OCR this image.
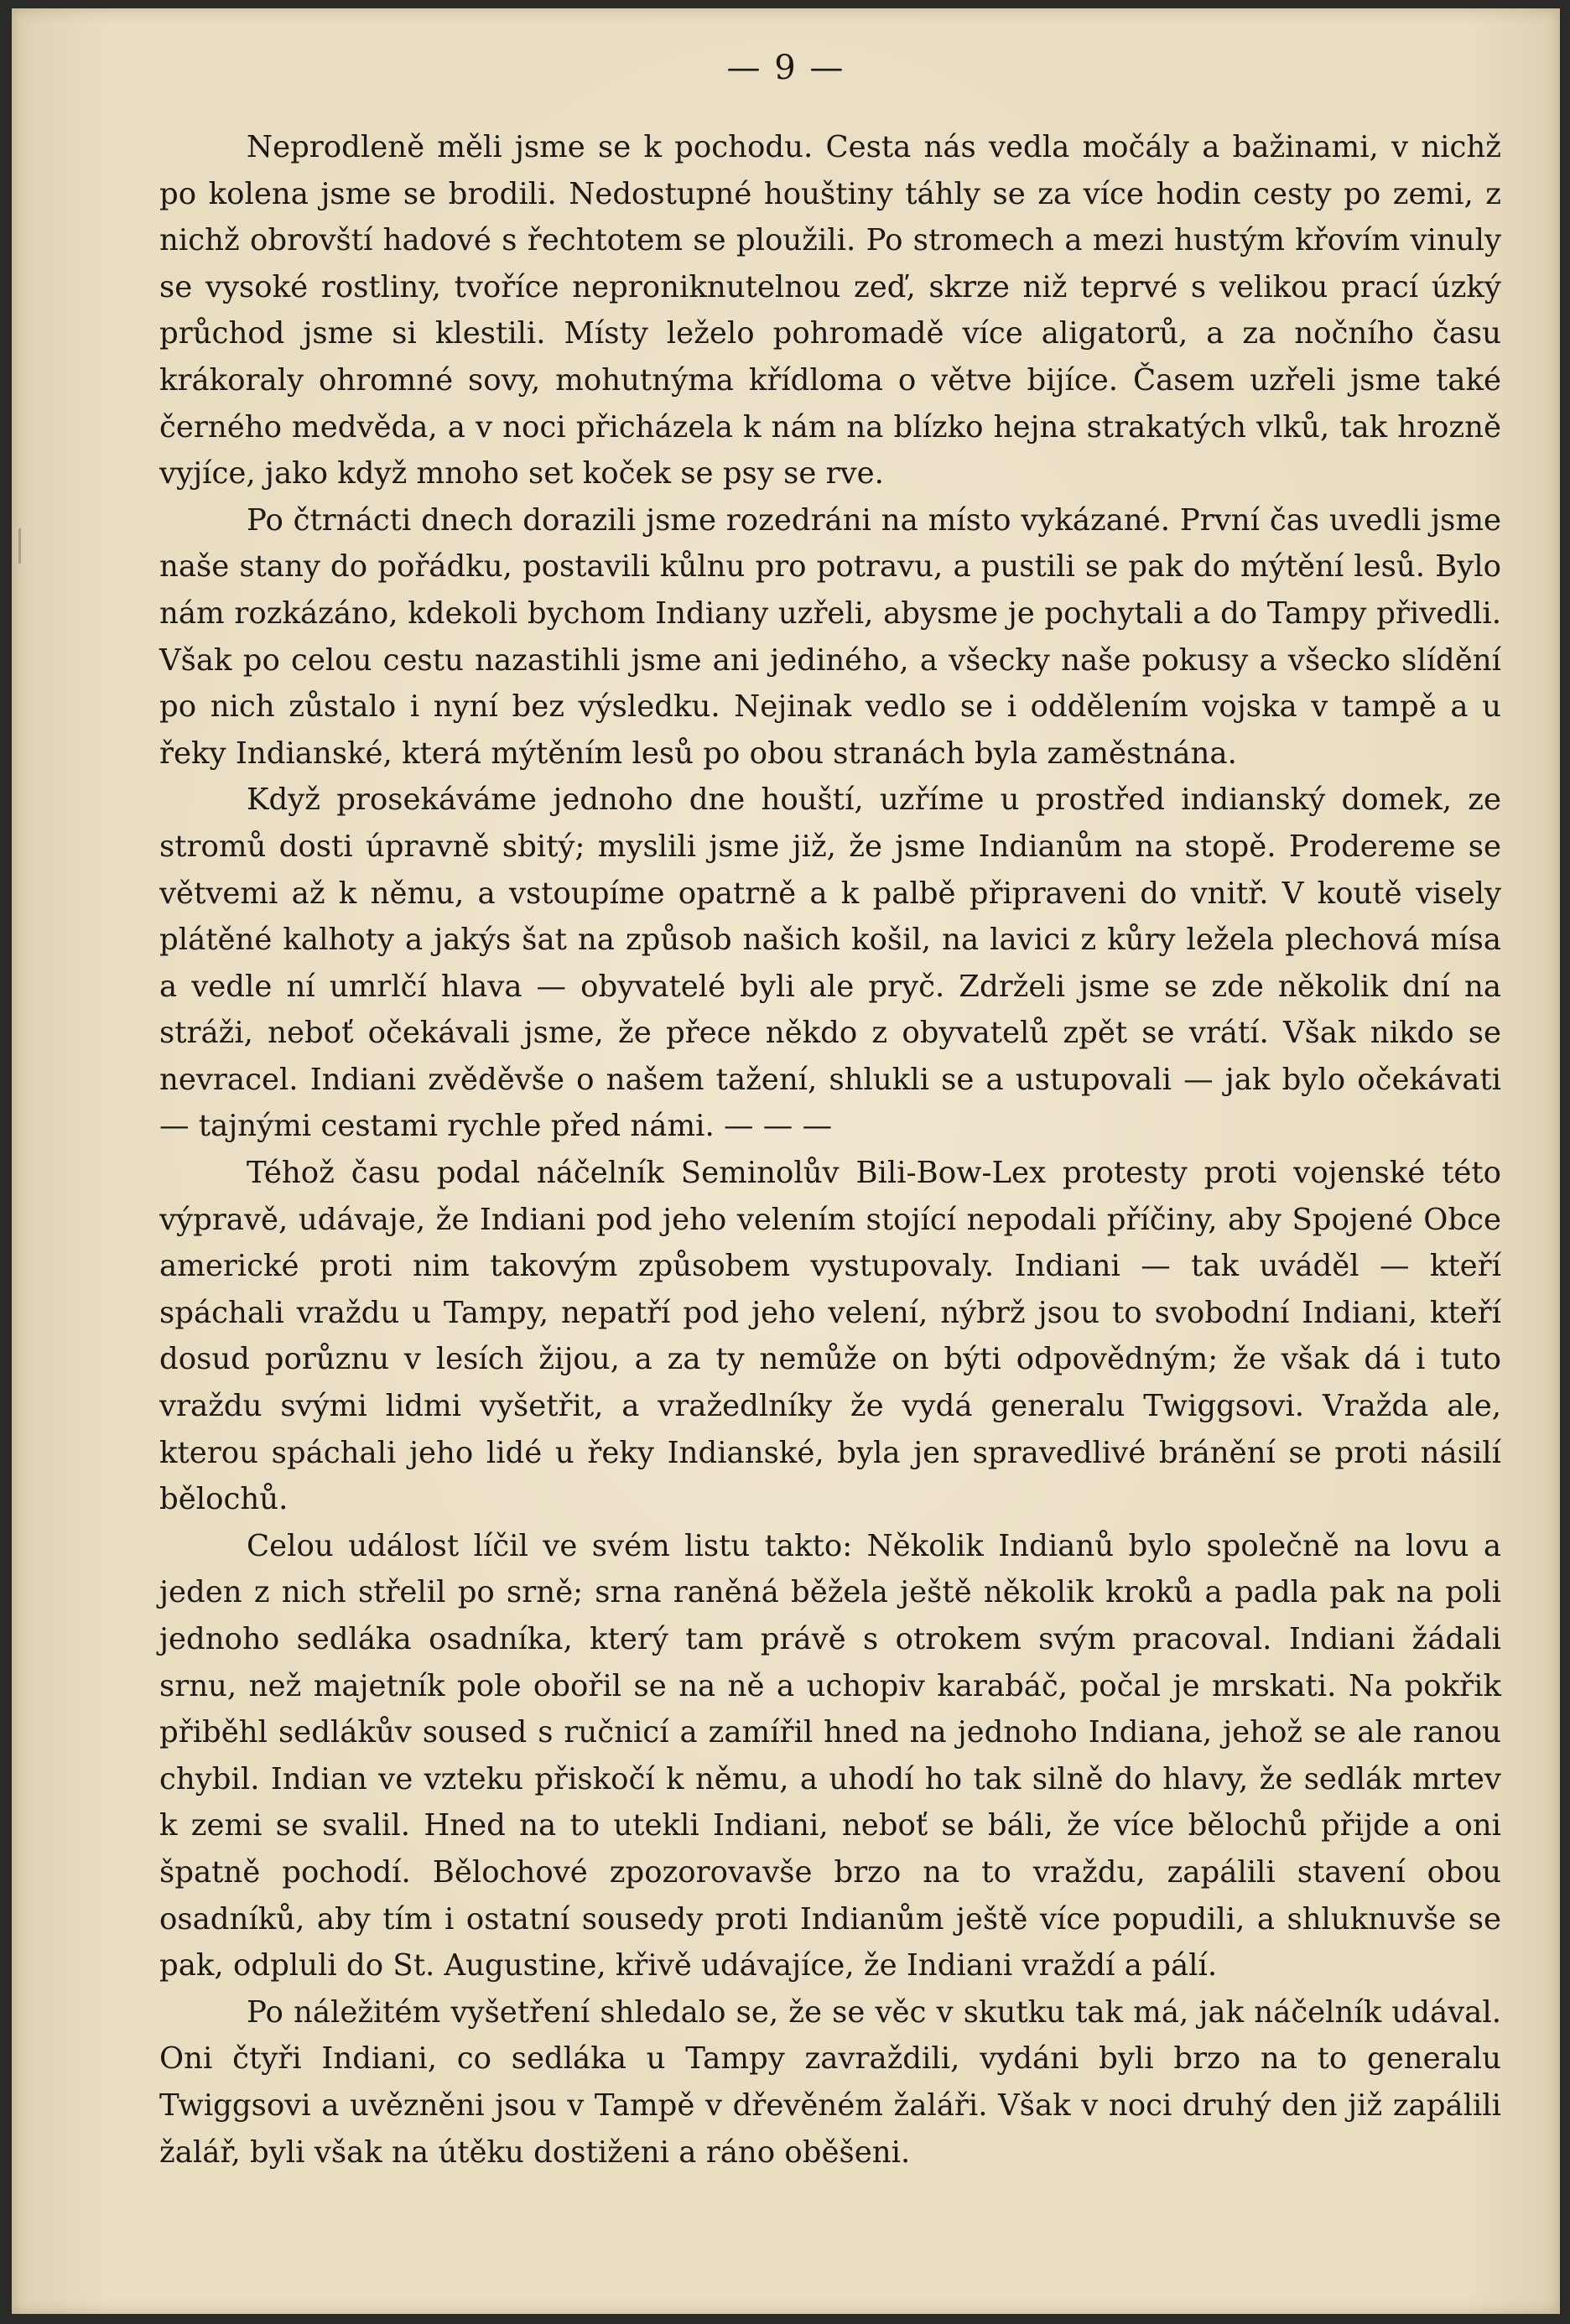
— 9 —

Neprodleně měli jsme se k pochodu. Cesta nás vedla močály a bažinami, v nichž po kolena jsme se brodili. Nedostupné houštiny táhly se za více hodin cesty po zemi, z nichž obrovští hadové s řechtotem se ploužili. Po stromech a mezi hustým křovím vinuly se vysoké rostliny, tvoříce neproniknutelnou zeď, skrze niž teprvé s velikou prací úzký průchod jsme si klestili. Místy leželo pohromadě více aligatorů, a za nočního času krákoraly ohromné sovy, mohutnýma křídloma o větve bijíce. Časem uzřeli jsme také černého medvěda, a v noci přicházela k nám na blízko hejna strakatých vlků, tak hrozně vyjíce, jako když mnoho set koček se psy se rve.

Po čtrnácti dnech dorazili jsme rozedráni na místo vykázané. První čas uvedli jsme naše stany do pořádku, postavili kůlnu pro potravu, a pustili se pak do mýtění lesů. Bylo nám rozkázáno, kdekoli bychom Indiany uzřeli, abysme je pochytali a do Tampy přivedli. Však po celou cestu nazastihli jsme ani jediného, a všecky naše pokusy a všecko slídění po nich zůstalo i nyní bez výsledku. Nejinak vedlo se i oddělením vojska v tampě a u řeky Indianské, která mýtěním lesů po obou stranách byla zaměstnána.

Když prosekáváme jednoho dne houští, uzříme u prostřed indianský domek, ze stromů dosti úpravně sbitý; myslili jsme již, že jsme Indianům na stopě. Prodereme se větvemi až k němu, a vstoupíme opatrně a k palbě připraveni do vnitř. V koutě visely plátěné kalhoty a jakýs šat na způsob našich košil, na lavici z kůry ležela plechová mísa a vedle ní umrlčí hlava — obyvatelé byli ale pryč. Zdrželi jsme se zde několik dní na stráži, neboť očekávali jsme, že přece někdo z obyvatelů zpět se vrátí. Však nikdo se nevracel. Indiani zvěděvše o našem tažení, shlukli se a ustupovali — jak bylo očekávati — tajnými cestami rychle před námi. — — —

Téhož času podal náčelník Seminolův Bili-Bow-Lex protesty proti vojenské této výpravě, udávaje, že Indiani pod jeho velením stojící nepodali příčiny, aby Spojené Obce americké proti nim takovým způsobem vystupovaly. Indiani — tak uváděl — kteří spáchali vraždu u Tampy, nepatří pod jeho velení, nýbrž jsou to svobodní Indiani, kteří dosud porůznu v lesích žijou, a za ty nemůže on býti odpovědným; že však dá i tuto vraždu svými lidmi vyšetřit, a vražedlníky že vydá generalu Twiggsovi. Vražda ale, kterou spáchali jeho lidé u řeky Indianské, byla jen spravedlivé bránění se proti násilí bělochů.

Celou událost líčil ve svém listu takto: Několik Indianů bylo společně na lovu a jeden z nich střelil po srně; srna raněná běžela ještě několik kroků a padla pak na poli jednoho sedláka osadníka, který tam právě s otrokem svým pracoval. Indiani žádali srnu, než majetník pole obořil se na ně a uchopiv karabáč, počal je mrskati. Na pokřik přiběhl sedlákův soused s ručnicí a zamířil hned na jednoho Indiana, jehož se ale ranou chybil. Indian ve vzteku přiskočí k němu, a uhodí ho tak silně do hlavy, že sedlák mrtev k zemi se svalil. Hned na to utekli Indiani, neboť se báli, že více bělochů přijde a oni špatně pochodí. Bělochové zpozorovavše brzo na to vraždu, zapálili stavení obou osadníků, aby tím i ostatní sousedy proti Indianům ještě více popudili, a shluknuvše se pak, odpluli do St. Augustine, křivě udávajíce, že Indiani vraždí a pálí.

Po náležitém vyšetření shledalo se, že se věc v skutku tak má, jak náčelník udával. Oni čtyři Indiani, co sedláka u Tampy zavraždili, vydáni byli brzo na to generalu Twiggsovi a uvězněni jsou v Tampě v dřevěném žaláři. Však v noci druhý den již zapálili žalář, byli však na útěku dostiženi a ráno oběšeni.
